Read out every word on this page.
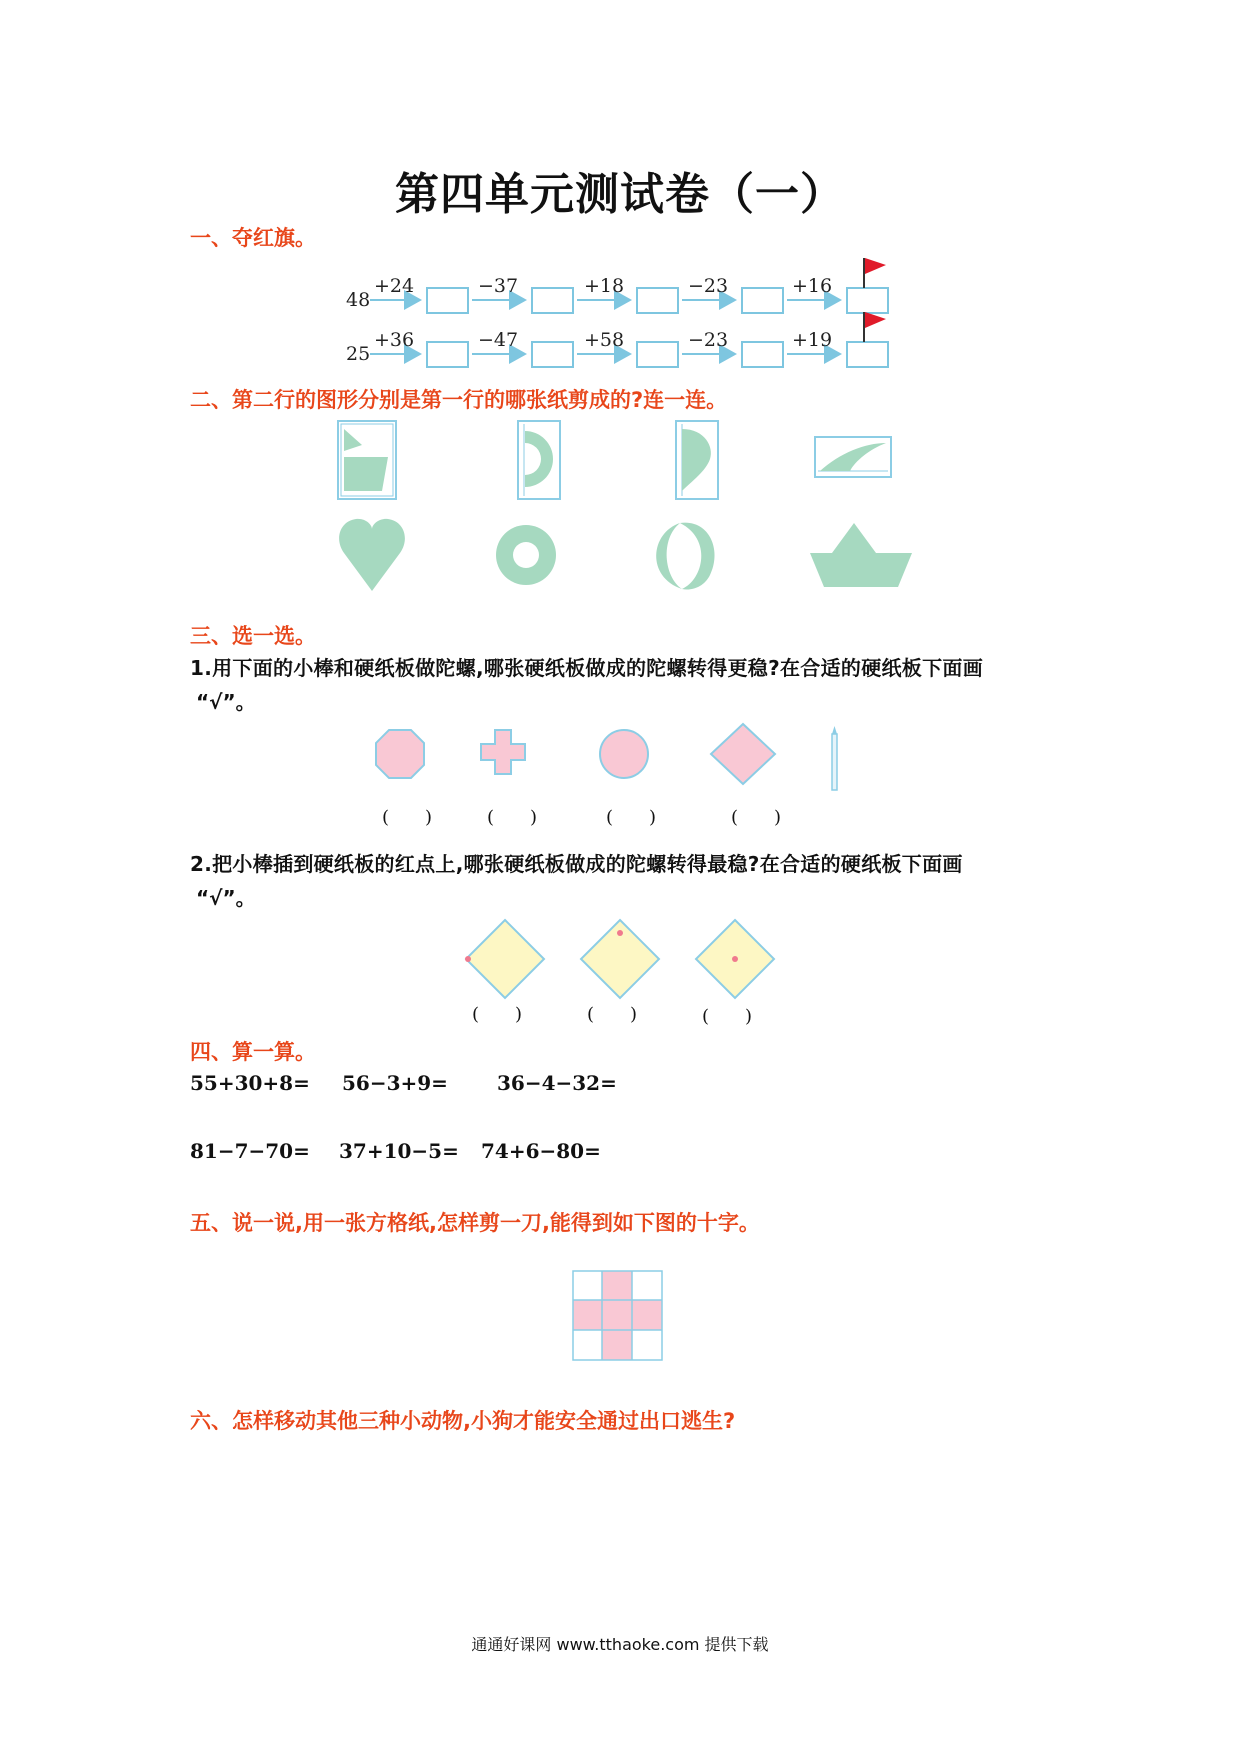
第四单元测试卷（一）
一、夺红旗。
48
+24	−37	+18	−23	+16
25
+36	−47	+58	−23	+19
二、第二行的图形分别是第一行的哪张纸剪成的?连一连。
三、选一选。
1.用下面的小棒和硬纸板做陀螺,哪张硬纸板做成的陀螺转得更稳?在合适的硬纸板下面画
“√”。
(　　)	(　　)	(　　)	(　　)
2.把小棒插到硬纸板的红点上,哪张硬纸板做成的陀螺转得最稳?在合适的硬纸板下面画
“√”。
(　　)	(　　)	(　　)
四、算一算。
55+30+8= 56−3+9= 36−4−32=
81−7−70= 37+10−5= 74+6−80=
五、说一说,用一张方格纸,怎样剪一刀,能得到如下图的十字。
六、怎样移动其他三种小动物,小狗才能安全通过出口逃生?
通通好课网 www.tthaoke.com 提供下载
